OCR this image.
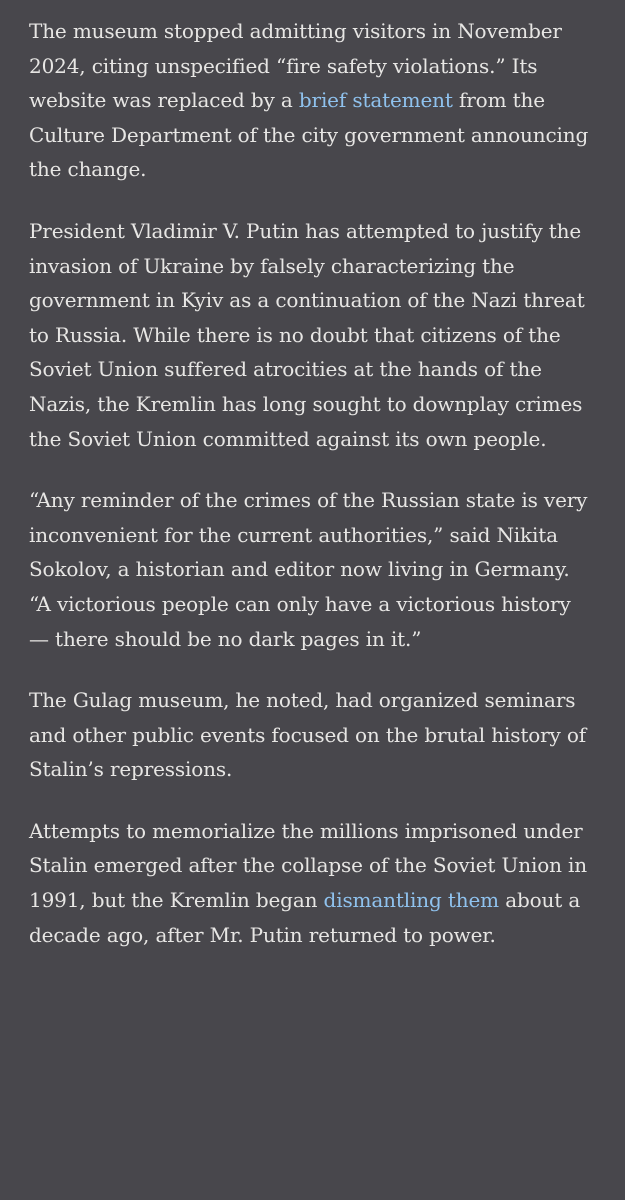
The museum stopped admitting visitors in November 2024, citing unspecified “fire safety violations.” Its website was replaced by a brief statement from the Culture Department of the city government announcing the change.

President Vladimir V. Putin has attempted to justify the invasion of Ukraine by falsely characterizing the government in Kyiv as a continuation of the Nazi threat to Russia. While there is no doubt that citizens of the Soviet Union suffered atrocities at the hands of the Nazis, the Kremlin has long sought to downplay crimes the Soviet Union committed against its own people.

“Any reminder of the crimes of the Russian state is very inconvenient for the current authorities,” said Nikita Sokolov, a historian and editor now living in Germany. “A victorious people can only have a victorious history — there should be no dark pages in it.”

The Gulag museum, he noted, had organized seminars and other public events focused on the brutal history of Stalin’s repressions.

Attempts to memorialize the millions imprisoned under Stalin emerged after the collapse of the Soviet Union in 1991, but the Kremlin began dismantling them about a decade ago, after Mr. Putin returned to power.
